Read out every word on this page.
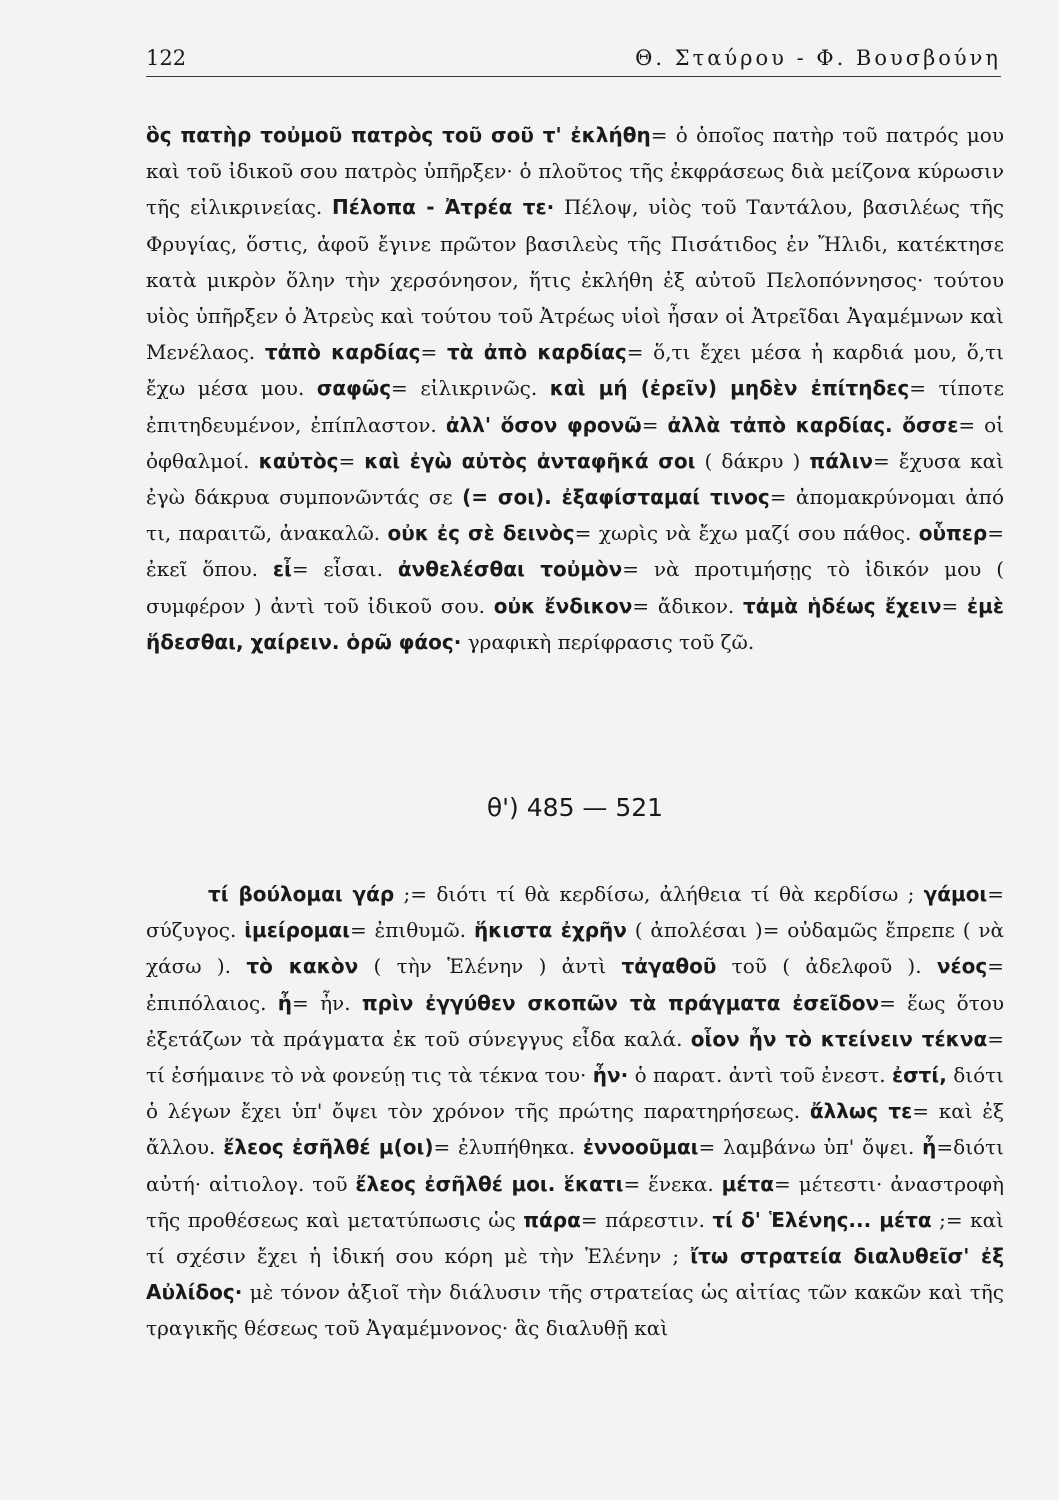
122	Θ. Σταύρου - Φ. Βουσβούνη

ὃς πατὴρ τοὐμοῦ πατρὸς τοῦ σοῦ τ' ἐκλήθη= ὁ ὁποῖος πατὴρ τοῦ πατρός μου καὶ τοῦ ἰδικοῦ σου πατρὸς ὑπῆρξεν· ὁ πλοῦτος τῆς ἐκφράσεως διὰ μείζονα κύρωσιν τῆς εἰλικρινείας. Πέλοπα - Ἀτρέα τε· Πέλοψ, υἱὸς τοῦ Ταντάλου, βασιλέως τῆς Φρυγίας, ὅστις, ἀφοῦ ἔγινε πρῶτον βασιλεὺς τῆς Πισάτιδος ἐν Ἤλιδι, κατέκτησε κατὰ μικρὸν ὅλην τὴν χερσόνησον, ἥτις ἐκλήθη ἐξ αὐτοῦ Πελοπόννησος· τούτου υἱὸς ὑπῆρξεν ὁ Ἀτρεὺς καὶ τούτου τοῦ Ἀτρέως υἱοὶ ἦσαν οἱ Ἀτρεῖδαι Ἀγαμέμνων καὶ Μενέλαος. τἀπὸ καρδίας= τὰ ἀπὸ καρδίας= ὅ,τι ἔχει μέσα ἡ καρδιά μου, ὅ,τι ἔχω μέσα μου. σαφῶς= εἰλικρινῶς. καὶ μή (ἐρεῖν) μηδὲν ἐπίτηδες= τίποτε ἐπιτηδευμένον, ἐπίπλαστον. ἀλλ' ὅσον φρονῶ= ἀλλὰ τἀπὸ καρδίας. ὄσσε= οἱ ὀφθαλμοί. καὐτὸς= καὶ ἐγὼ αὐτὸς ἀνταφῆκά σοι ( δάκρυ ) πάλιν= ἔχυσα καὶ ἐγὼ δάκρυα συμπονῶντάς σε (= σοι). ἐξαφίσταμαί τινος= ἀπομακρύνομαι ἀπό τι, παραιτῶ, ἀνακαλῶ. οὐκ ἐς σὲ δεινὸς= χωρὶς νὰ ἔχω μαζί σου πάθος. οὗπερ= ἐκεῖ ὅπου. εἶ= εἶσαι. ἀνθελέσθαι τοὐμὸν= νὰ προτιμήσῃς τὸ ἰδικόν μου ( συμφέρον ) ἀντὶ τοῦ ἰδικοῦ σου. οὐκ ἔνδικον= ἄδικον. τἀμὰ ἡδέως ἔχειν= ἐμὲ ἥδεσθαι, χαίρειν. ὁρῶ φάος· γραφικὴ περίφρασις τοῦ ζῶ.

θ') 485 — 521

τί βούλομαι γάρ ;= διότι τί θὰ κερδίσω, ἀλήθεια τί θὰ κερδίσω ; γάμοι= σύζυγος. ἱμείρομαι= ἐπιθυμῶ. ἥκιστα ἐχρῆν ( ἀπολέσαι )= οὐδαμῶς ἔπρεπε ( νὰ χάσω ). τὸ κακὸν ( τὴν Ἑλένην ) ἀντὶ τἀγαθοῦ τοῦ ( ἀδελφοῦ ). νέος= ἐπιπόλαιος. ἦ= ἦν. πρὶν ἐγγύθεν σκοπῶν τὰ πράγματα ἐσεῖδον= ἕως ὅτου ἐξετάζων τὰ πράγματα ἐκ τοῦ σύνεγγυς εἶδα καλά. οἷον ἦν τὸ κτείνειν τέκνα= τί ἐσήμαινε τὸ νὰ φονεύῃ τις τὰ τέκνα του· ἦν· ὁ παρατ. ἀντὶ τοῦ ἐνεστ. ἐστί, διότι ὁ λέγων ἔχει ὑπ' ὄψει τὸν χρόνον τῆς πρώτης παρατηρήσεως. ἄλλως τε= καὶ ἐξ ἄλλου. ἔλεος ἐσῆλθέ μ(οι)= ἐλυπήθηκα. ἐννοοῦμαι= λαμβάνω ὑπ' ὄψει. ἦ=διότι αὐτή· αἰτιολογ. τοῦ ἔλεος ἐσῆλθέ μοι. ἕκατι= ἕνεκα. μέτα= μέτεστι· ἀναστροφὴ τῆς προθέσεως καὶ μετατύπωσις ὡς πάρα= πάρεστιν. τί δ' Ἑλένης... μέτα ;= καὶ τί σχέσιν ἔχει ἡ ἰδική σου κόρη μὲ τὴν Ἑλένην ; ἴτω στρατεία διαλυθεῖσ' ἐξ Αὐλίδος· μὲ τόνον ἀξιοῖ τὴν διάλυσιν τῆς στρατείας ὡς αἰτίας τῶν κακῶν καὶ τῆς τραγικῆς θέσεως τοῦ Ἀγαμέμνονος· ἃς διαλυθῇ καὶ
